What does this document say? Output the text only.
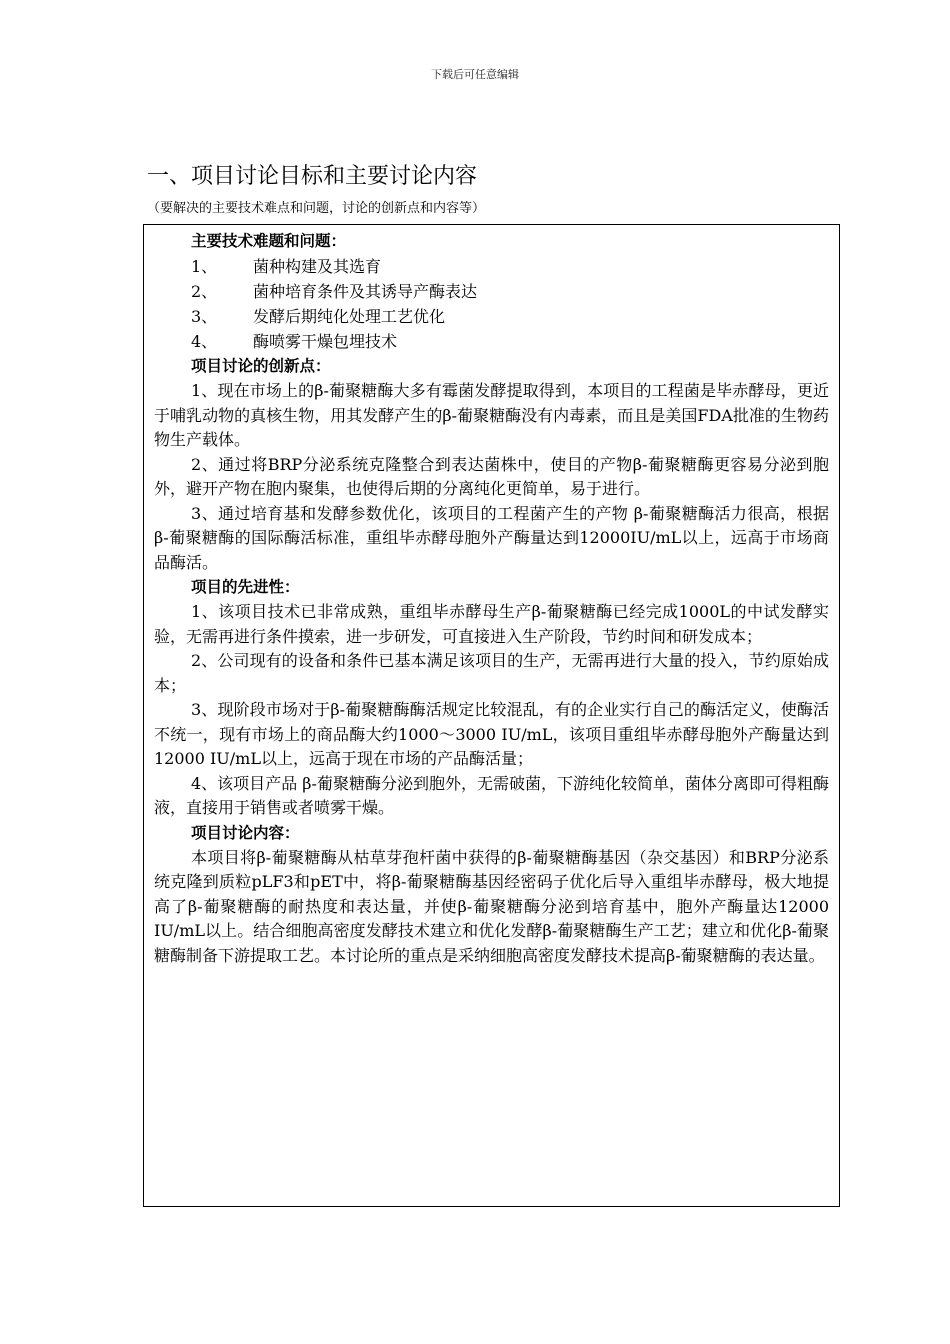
下载后可任意编辑
一、项目讨论目标和主要讨论内容
（要解决的主要技术难点和问题，讨论的创新点和内容等）
主要技术难题和问题：
1、 菌种构建及其选育
2、 菌种培育条件及其诱导产酶表达
3、 发酵后期纯化处理工艺优化
4、 酶喷雾干燥包埋技术
项目讨论的创新点：
1、现在市场上的β-葡聚糖酶大多有霉菌发酵提取得到，本项目的工程菌是毕赤酵母，更近于哺乳动物的真核生物，用其发酵产生的β-葡聚糖酶没有内毒素，而且是美国FDA批准的生物药物生产载体。
2、通过将BRP分泌系统克隆整合到表达菌株中，使目的产物β-葡聚糖酶更容易分泌到胞外，避开产物在胞内聚集，也使得后期的分离纯化更简单，易于进行。
3、通过培育基和发酵参数优化，该项目的工程菌产生的产物 β-葡聚糖酶活力很高，根据 β-葡聚糖酶的国际酶活标准，重组毕赤酵母胞外产酶量达到12000IU/mL以上，远高于市场商品酶活。
项目的先进性：
1、该项目技术已非常成熟，重组毕赤酵母生产β-葡聚糖酶已经完成1000L的中试发酵实验，无需再进行条件摸索，进一步研发，可直接进入生产阶段，节约时间和研发成本；
2、公司现有的设备和条件已基本满足该项目的生产，无需再进行大量的投入，节约原始成本；
3、现阶段市场对于β-葡聚糖酶酶活规定比较混乱，有的企业实行自己的酶活定义，使酶活不统一，现有市场上的商品酶大约1000～3000 IU/mL，该项目重组毕赤酵母胞外产酶量达到12000 IU/mL以上，远高于现在市场的产品酶活量；
4、该项目产品 β-葡聚糖酶分泌到胞外，无需破菌，下游纯化较简单，菌体分离即可得粗酶液，直接用于销售或者喷雾干燥。
项目讨论内容：
本项目将β-葡聚糖酶从枯草芽孢杆菌中获得的β-葡聚糖酶基因（杂交基因）和BRP分泌系统克隆到质粒pLF3和pET中，将β-葡聚糖酶基因经密码子优化后导入重组毕赤酵母，极大地提高了β-葡聚糖酶的耐热度和表达量，并使β-葡聚糖酶分泌到培育基中，胞外产酶量达12000 IU/mL以上。结合细胞高密度发酵技术建立和优化发酵β-葡聚糖酶生产工艺；建立和优化β-葡聚糖酶制备下游提取工艺。本讨论所的重点是采纳细胞高密度发酵技术提高β-葡聚糖酶的表达量。
